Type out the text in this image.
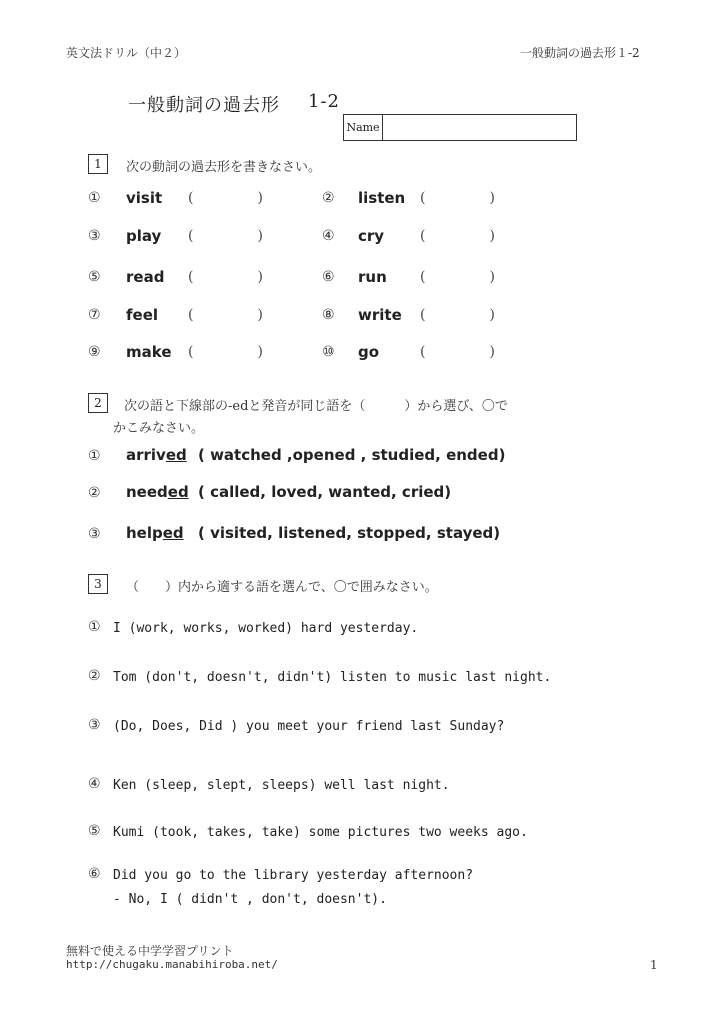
英文法ドリル（中２）	一般動詞の過去形１-2
一般動詞の過去形 1-2
Name
1	次の動詞の過去形を書きなさい。
① visit (	)	② listen (	)
③ play (	)	④ cry	(	)
⑤ read (	)	⑥ run (	)
⑦ feel (	)	⑧ write (	)
⑨ make (	)	⑩ go	(	)
2	次の語と下線部の-edと発音が同じ語を（　　　）から選び、〇で
かこみなさい。
① arrived ( watched ,opened , studied, ended)
② needed ( called, loved, wanted, cried)
③ helped ( visited, listened, stopped, stayed)
3	（　　）内から適する語を選んで、〇で囲みなさい。
① I (work, works, worked) hard yesterday.
② Tom (don't, doesn't, didn't) listen to music last night.
③ (Do, Does, Did ) you meet your friend last Sunday?
④ Ken (sleep, slept, sleeps) well last night.
⑤ Kumi (took, takes, take) some pictures two weeks ago.
⑥ Did you go to the library yesterday afternoon?
- No, I ( didn't , don't, doesn't).
無料で使える中学学習プリント
http://chugaku.manabihiroba.net/	1
